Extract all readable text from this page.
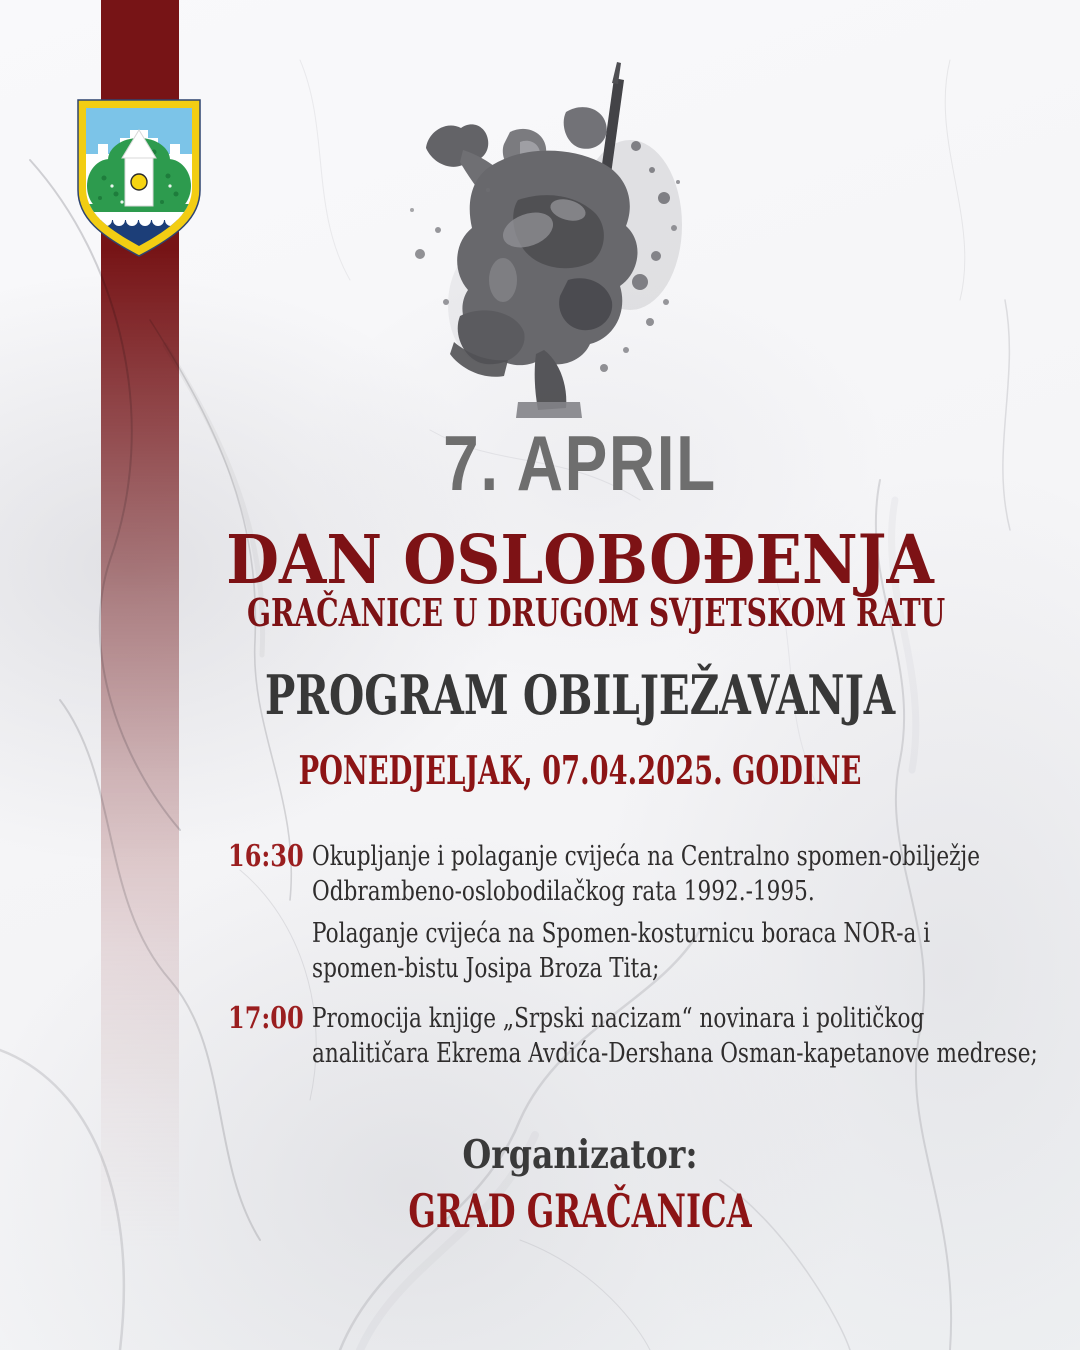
7. APRIL
DAN OSLOBOĐENJA
GRAČANICE U DRUGOM SVJETSKOM RATU
PROGRAM OBILJEŽAVANJA
PONEDJELJAK, 07.04.2025. GODINE
Organizator:
GRAD GRAČANICA
16:30 Okupljanje i polaganje cvijeća na Centralno spomen-obilježje
Odbrambeno-oslobodilačkog rata 1992.-1995.
Polaganje cvijeća na Spomen-kosturnicu boraca NOR-a i
spomen-bistu Josipa Broza Tita;
17:00 Promocija knjige „Srpski nacizam“ novinara i političkog
analitičara Ekrema Avdića-Dershana Osman-kapetanove medrese;
